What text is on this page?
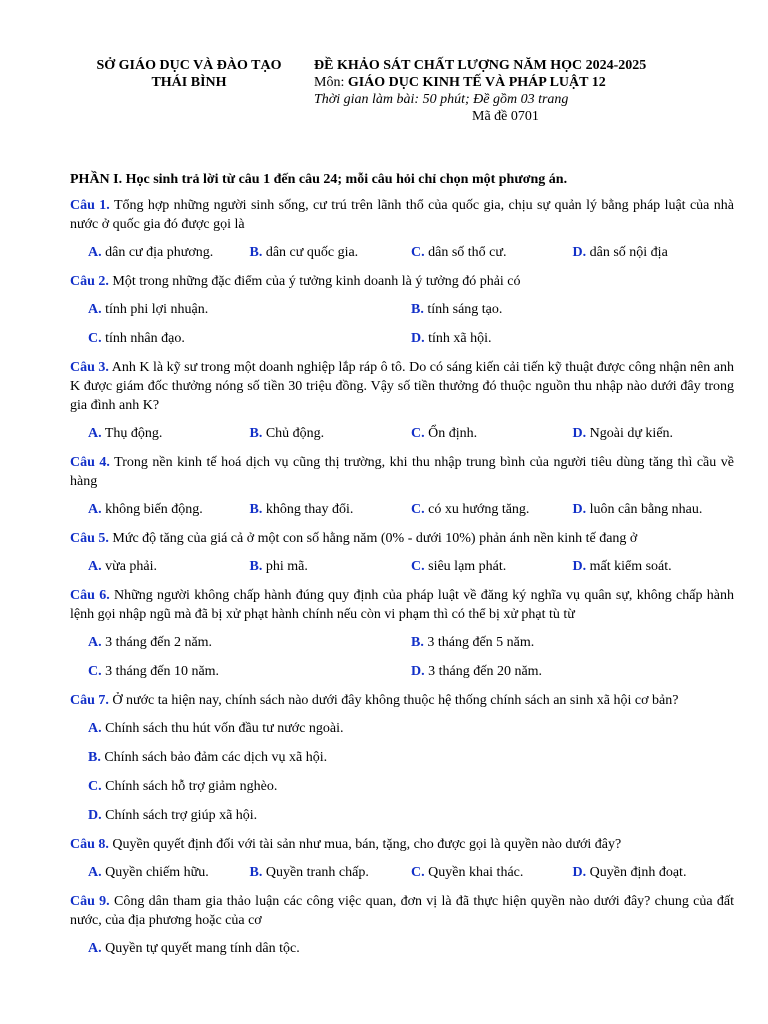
SỞ GIÁO DỤC VÀ ĐÀO TẠO
THÁI BÌNH
ĐỀ KHẢO SÁT CHẤT LƯỢNG NĂM HỌC 2024-2025
Môn: GIÁO DỤC KINH TẾ VÀ PHÁP LUẬT 12
Thời gian làm bài: 50 phút; Đề gồm 03 trang
Mã đề 0701
PHẦN I. Học sinh trả lời từ câu 1 đến câu 24; mỗi câu hỏi chỉ chọn một phương án.
Câu 1. Tổng hợp những người sinh sống, cư trú trên lãnh thổ của quốc gia, chịu sự quản lý bằng pháp luật của nhà nước ở quốc gia đó được gọi là
A. dân cư địa phương.	B. dân cư quốc gia.	C. dân số thổ cư.	D. dân số nội địa
Câu 2. Một trong những đặc điểm của ý tưởng kinh doanh là ý tưởng đó phải có
A. tính phi lợi nhuận.	B. tính sáng tạo.
C. tính nhân đạo.	D. tính xã hội.
Câu 3. Anh K là kỹ sư trong một doanh nghiệp lắp ráp ô tô. Do có sáng kiến cải tiến kỹ thuật được công nhận nên anh K được giám đốc thưởng nóng số tiền 30 triệu đồng. Vậy số tiền thưởng đó thuộc nguồn thu nhập nào dưới đây trong gia đình anh K?
A. Thụ động.	B. Chủ động.	C. Ổn định.	D. Ngoài dự kiến.
Câu 4. Trong nền kinh tế hoá dịch vụ cũng thị trường, khi thu nhập trung bình của người tiêu dùng tăng thì cầu về hàng
A. không biến động.	B. không thay đổi.	C. có xu hướng tăng.	D. luôn cân bằng nhau.
Câu 5. Mức độ tăng của giá cả ở một con số hằng năm (0% - dưới 10%) phản ánh nền kinh tế đang ở
A. vừa phải.	B. phi mã.	C. siêu lạm phát.	D. mất kiểm soát.
Câu 6. Những người không chấp hành đúng quy định của pháp luật về đăng ký nghĩa vụ quân sự, không chấp hành lệnh gọi nhập ngũ mà đã bị xử phạt hành chính nếu còn vi phạm thì có thể bị xử phạt tù từ
A. 3 tháng đến 2 năm.	B. 3 tháng đến 5 năm.
C. 3 tháng đến 10 năm.	D. 3 tháng đến 20 năm.
Câu 7. Ở nước ta hiện nay, chính sách nào dưới đây không thuộc hệ thống chính sách an sinh xã hội cơ bản?
A. Chính sách thu hút vốn đầu tư nước ngoài.
B. Chính sách bảo đảm các dịch vụ xã hội.
C. Chính sách hỗ trợ giảm nghèo.
D. Chính sách trợ giúp xã hội.
Câu 8. Quyền quyết định đối với tài sản như mua, bán, tặng, cho được gọi là quyền nào dưới đây?
A. Quyền chiếm hữu.	B. Quyền tranh chấp.	C. Quyền khai thác.	D. Quyền định đoạt.
Câu 9. Công dân tham gia thảo luận các công việc quan, đơn vị là đã thực hiện quyền nào dưới đây? chung của đất nước, của địa phương hoặc của cơ
A. Quyền tự quyết mang tính dân tộc.
